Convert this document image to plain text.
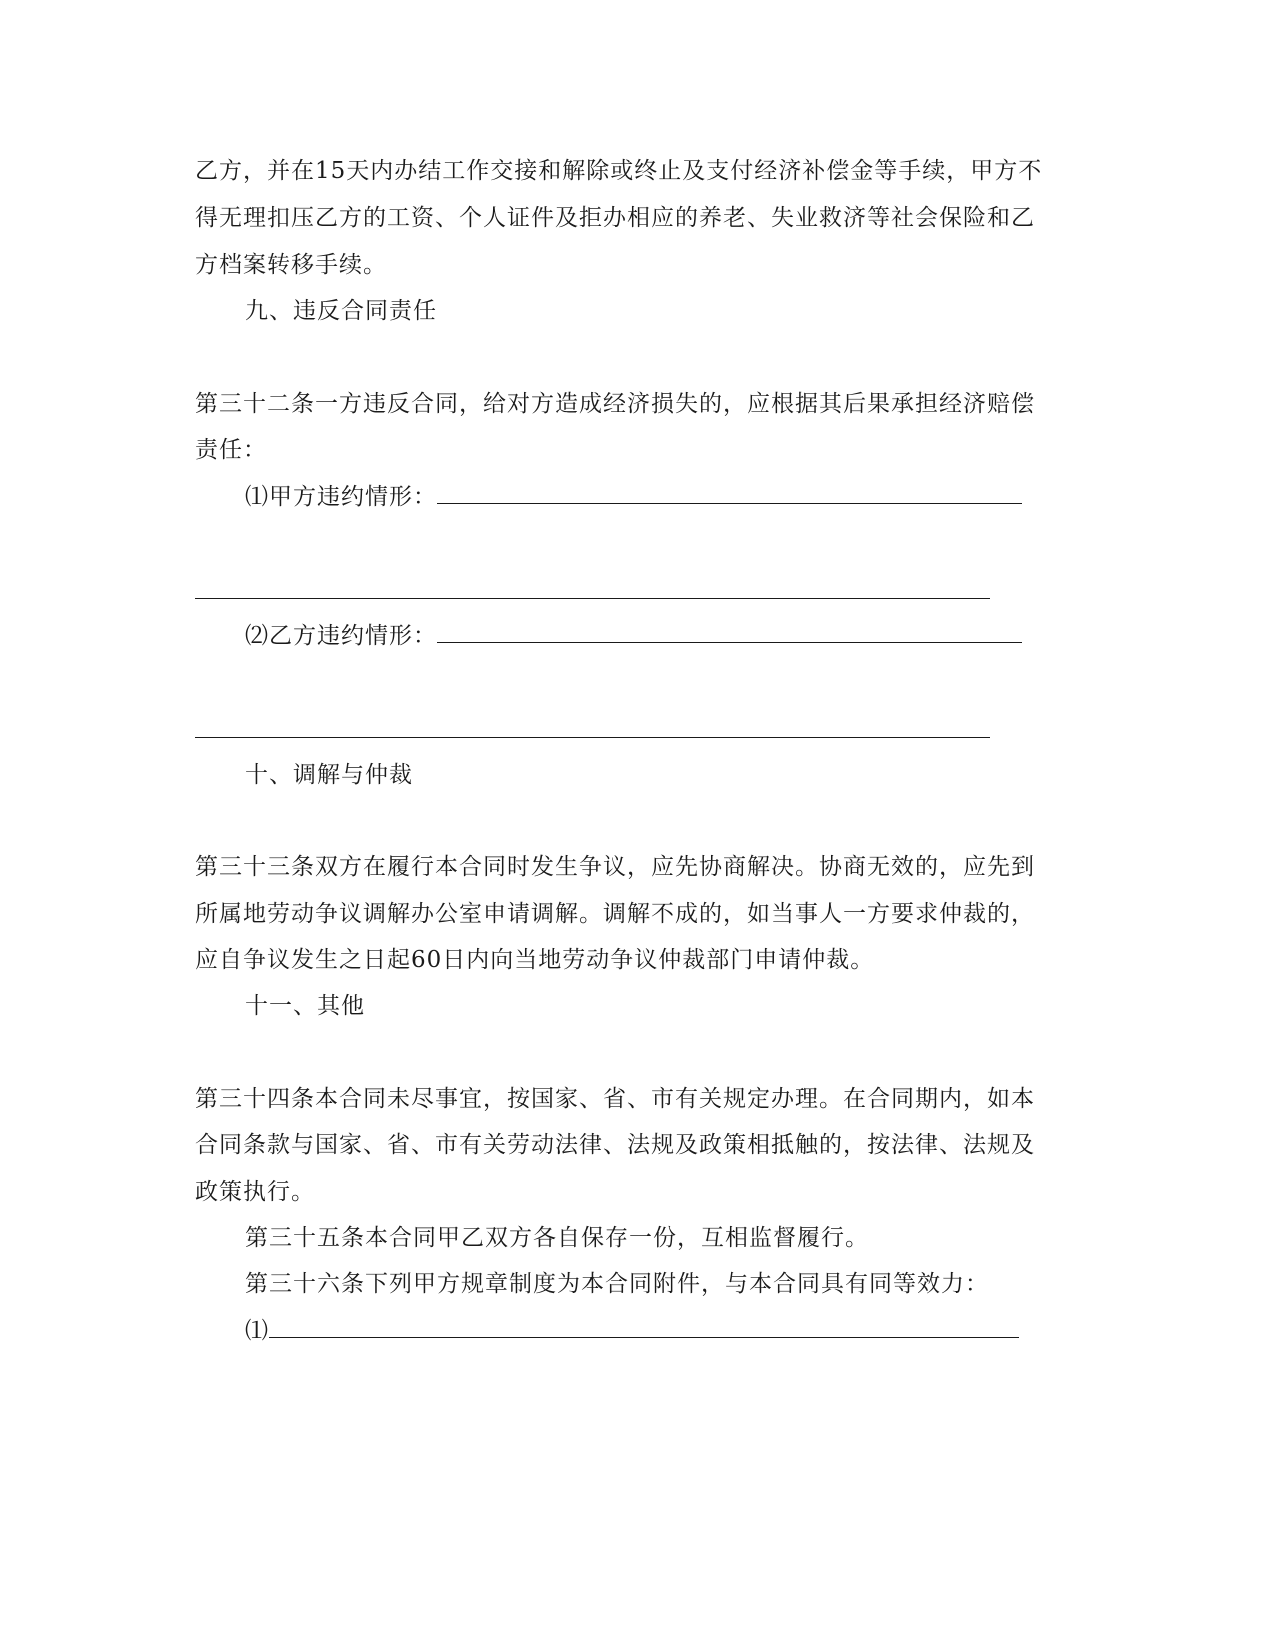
乙方，并在15天内办结工作交接和解除或终止及支付经济补偿金等手续，甲方不
得无理扣压乙方的工资、个人证件及拒办相应的养老、失业救济等社会保险和乙
方档案转移手续。
九、违反合同责任
第三十二条一方违反合同，给对方造成经济损失的，应根据其后果承担经济赔偿
责任：
⑴甲方违约情形：
⑵乙方违约情形：
十、调解与仲裁
第三十三条双方在履行本合同时发生争议，应先协商解决。协商无效的，应先到
所属地劳动争议调解办公室申请调解。调解不成的，如当事人一方要求仲裁的，
应自争议发生之日起60日内向当地劳动争议仲裁部门申请仲裁。
十一、其他
第三十四条本合同未尽事宜，按国家、省、市有关规定办理。在合同期内，如本
合同条款与国家、省、市有关劳动法律、法规及政策相抵触的，按法律、法规及
政策执行。
第三十五条本合同甲乙双方各自保存一份，互相监督履行。
第三十六条下列甲方规章制度为本合同附件，与本合同具有同等效力：
⑴
